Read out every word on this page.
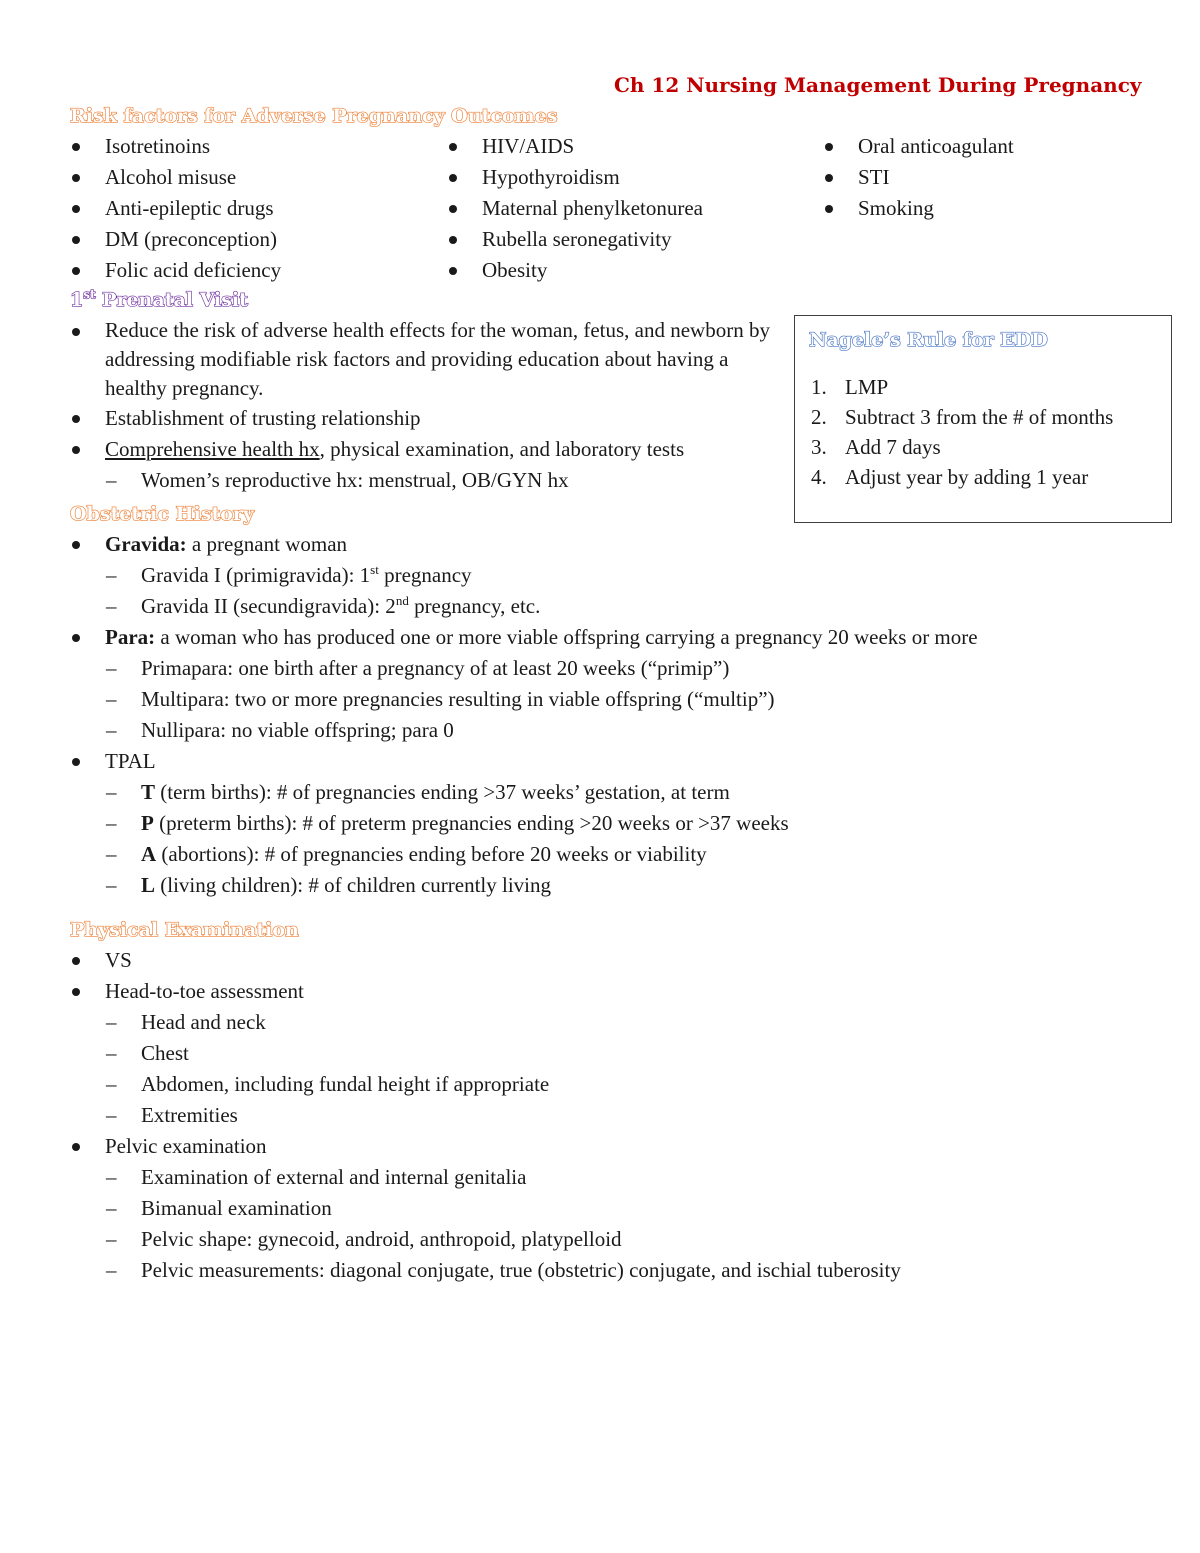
Ch 12 Nursing Management During Pregnancy
Risk factors for Adverse Pregnancy Outcomes
Isotretinoins
Alcohol misuse
Anti-epileptic drugs
DM (preconception)
Folic acid deficiency
HIV/AIDS
Hypothyroidism
Maternal phenylketonurea
Rubella seronegativity
Obesity
Oral anticoagulant
STI
Smoking
1st Prenatal Visit
Reduce the risk of adverse health effects for the woman, fetus, and newborn by addressing modifiable risk factors and providing education about having a healthy pregnancy.
Establishment of trusting relationship
Comprehensive health hx, physical examination, and laboratory tests
– Women’s reproductive hx: menstrual, OB/GYN hx
Nagele’s Rule for EDD
1. LMP
2. Subtract 3 from the # of months
3. Add 7 days
4. Adjust year by adding 1 year
Obstetric History
Gravida: a pregnant woman
– Gravida I (primigravida): 1st pregnancy
– Gravida II (secundigravida): 2nd pregnancy, etc.
Para: a woman who has produced one or more viable offspring carrying a pregnancy 20 weeks or more
– Primapara: one birth after a pregnancy of at least 20 weeks (“primip”)
– Multipara: two or more pregnancies resulting in viable offspring (“multip”)
– Nullipara: no viable offspring; para 0
TPAL
– T (term births): # of pregnancies ending >37 weeks’ gestation, at term
– P (preterm births): # of preterm pregnancies ending >20 weeks or >37 weeks
– A (abortions): # of pregnancies ending before 20 weeks or viability
– L (living children): # of children currently living
Physical Examination
VS
Head-to-toe assessment
– Head and neck
– Chest
– Abdomen, including fundal height if appropriate
– Extremities
Pelvic examination
– Examination of external and internal genitalia
– Bimanual examination
– Pelvic shape: gynecoid, android, anthropoid, platypelloid
– Pelvic measurements: diagonal conjugate, true (obstetric) conjugate, and ischial tuberosity
